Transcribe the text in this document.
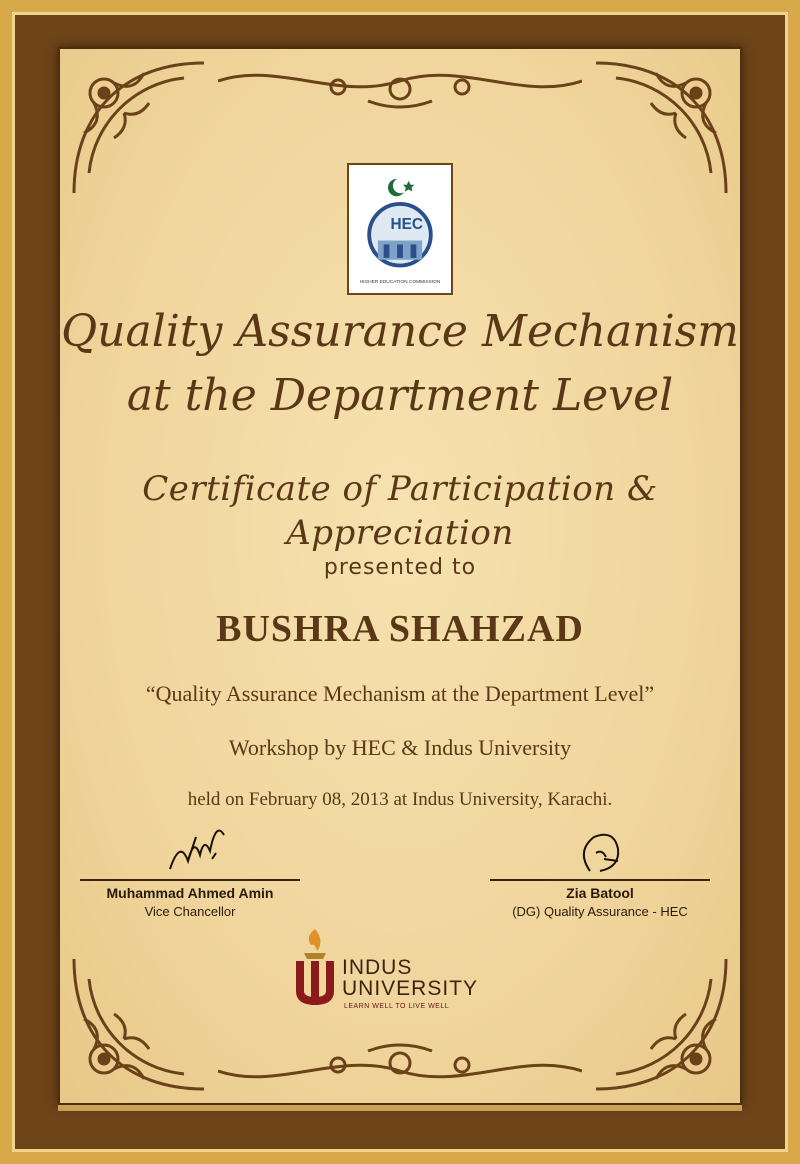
HEC
HIGHER EDUCATION COMMISSION
Quality Assurance Mechanism
at the Department Level
Certificate of Participation & Appreciation
presented to
BUSHRA SHAHZAD
“Quality Assurance Mechanism at the Department Level”
Workshop by HEC & Indus University
held on February 08, 2013 at Indus University, Karachi.
Muhammad Ahmed Amin
Vice Chancellor
Zia Batool
(DG) Quality Assurance - HEC
INDUS
UNIVERSITY
LEARN WELL TO LIVE WELL
